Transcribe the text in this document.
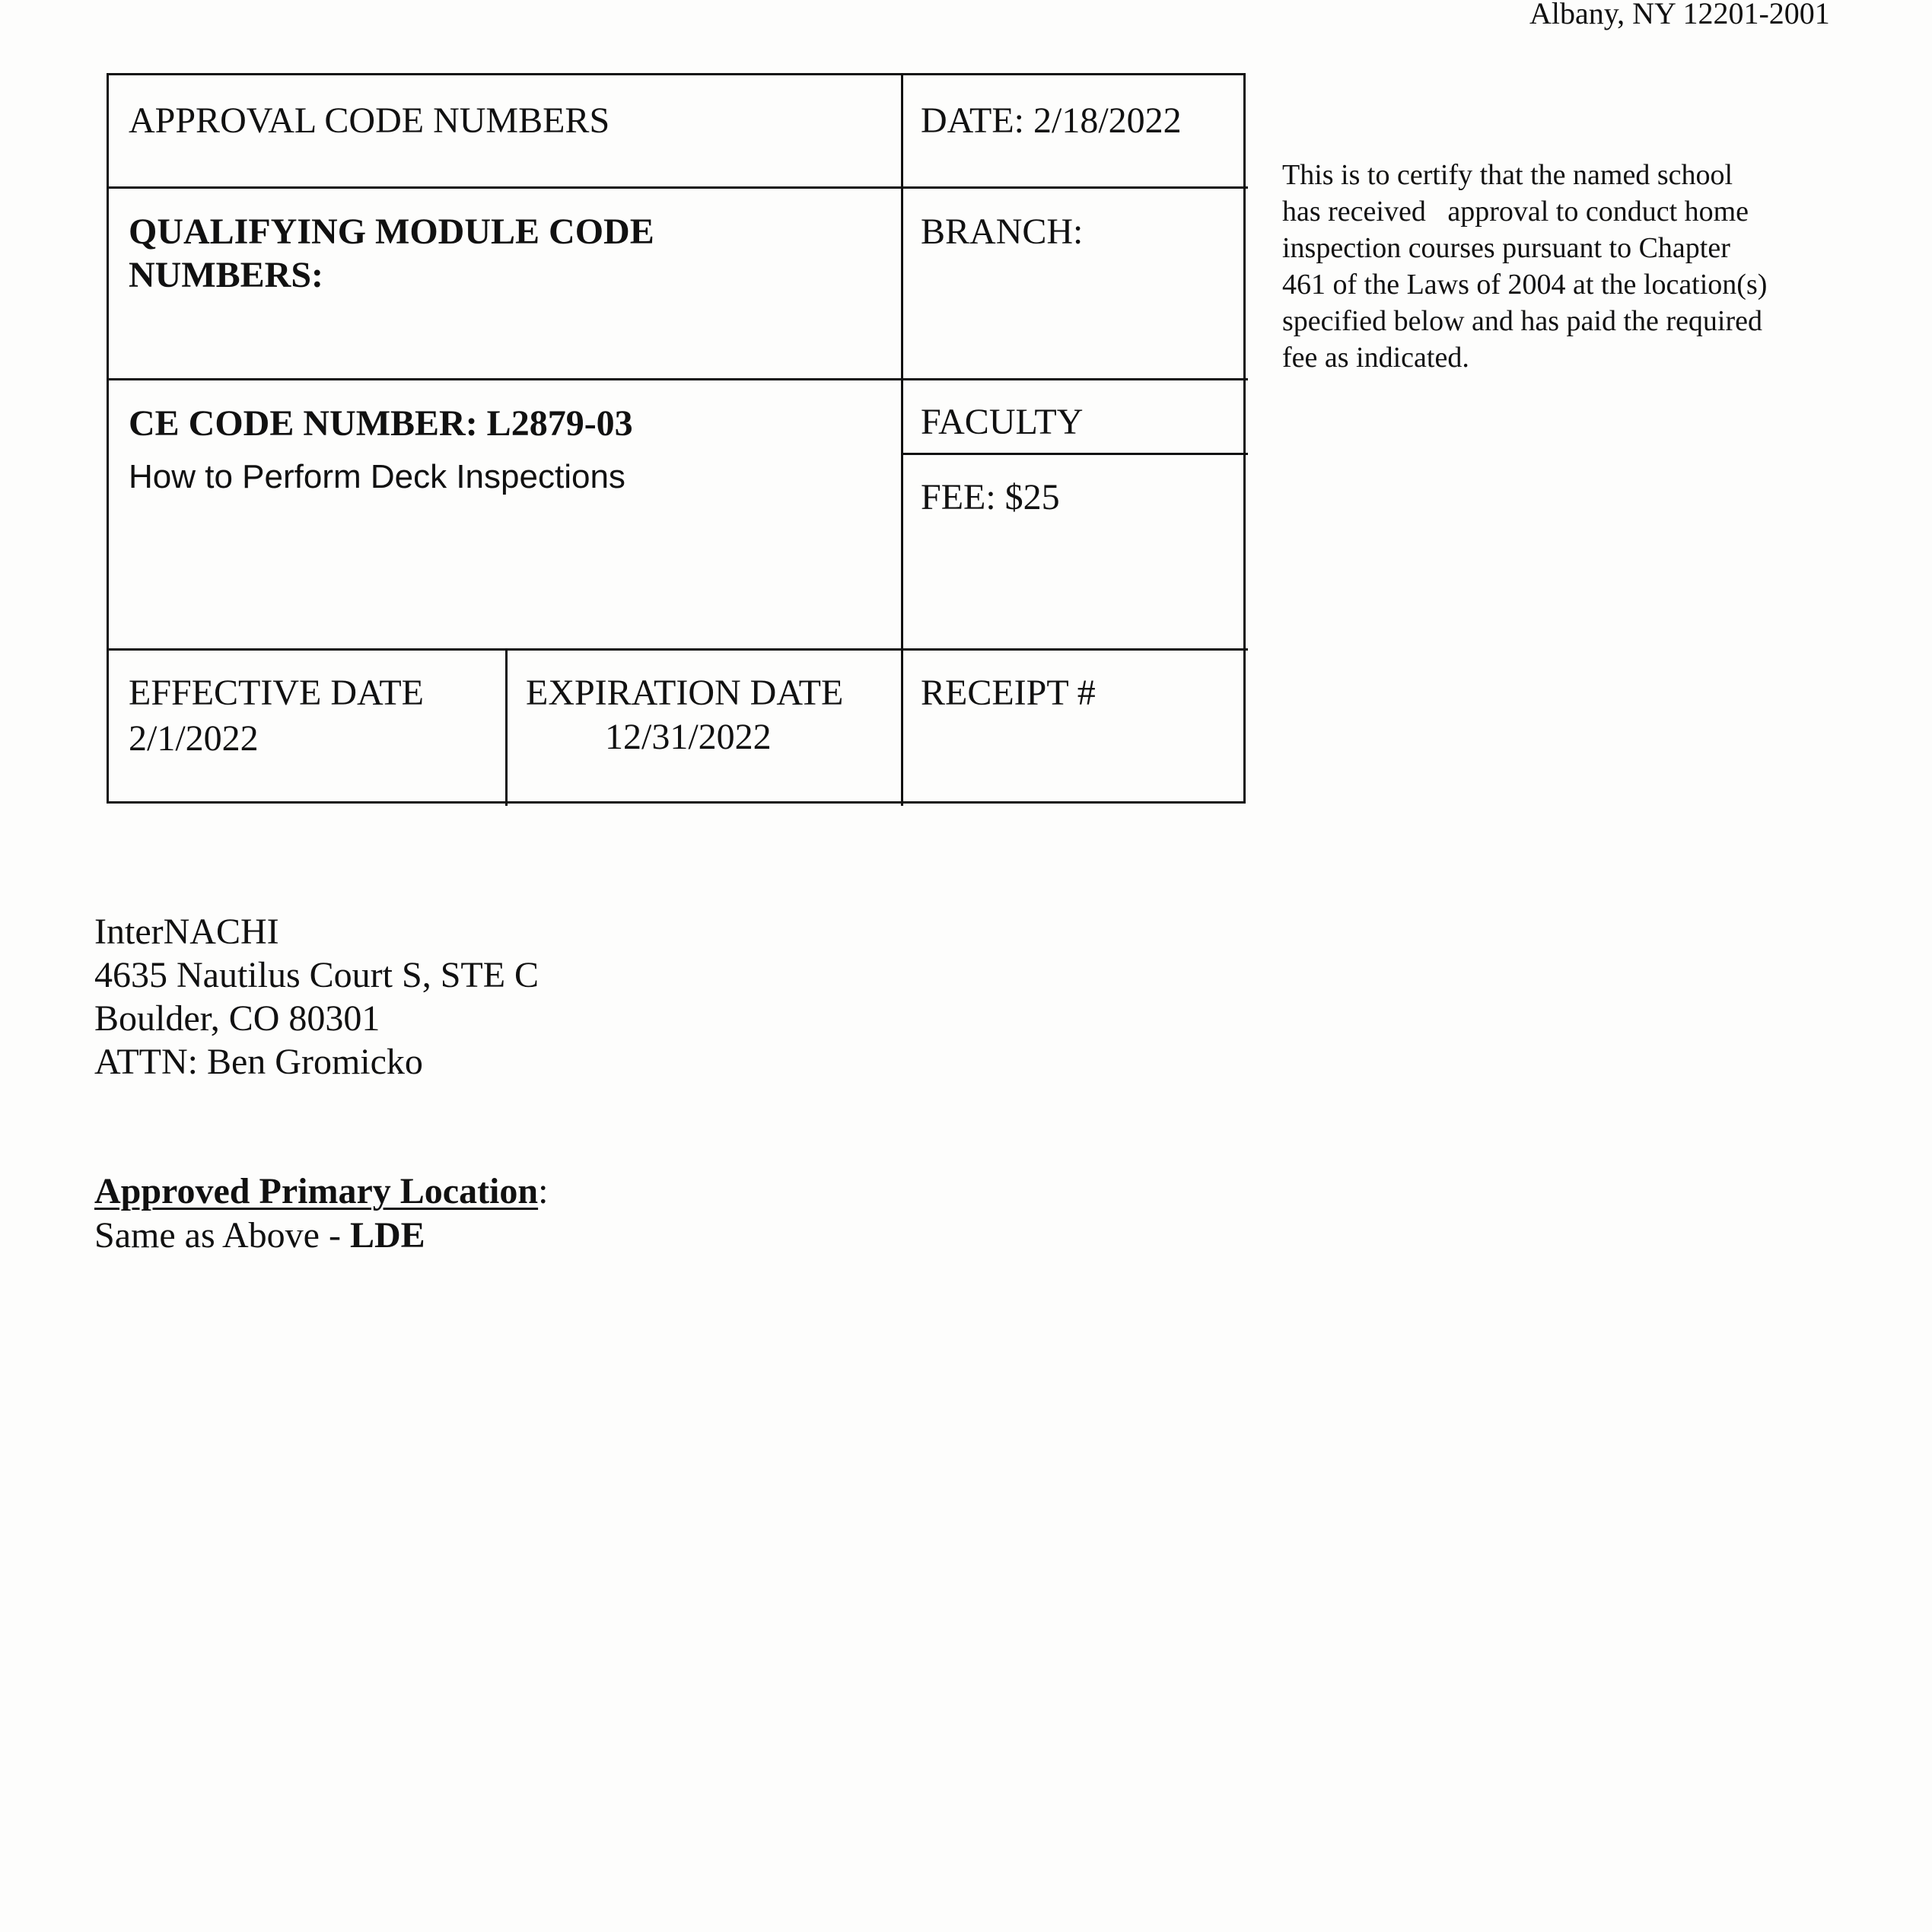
Albany, NY 12201-2001
APPROVAL CODE NUMBERS	DATE: 2/18/2022
QUALIFYING MODULE CODE
NUMBERS:
BRANCH:
CE CODE NUMBER: L2879-03
How to Perform Deck Inspections
FACULTY
FEE: $25
EFFECTIVE DATE
2/1/2022
EXPIRATION DATE
12/31/2022
RECEIPT #
This is to certify that the named school
has received   approval to conduct home
inspection courses pursuant to Chapter
461 of the Laws of 2004 at the location(s)
specified below and has paid the required
fee as indicated.
InterNACHI
4635 Nautilus Court S, STE C
Boulder, CO 80301
ATTN: Ben Gromicko
Approved Primary Location:
Same as Above - LDE
